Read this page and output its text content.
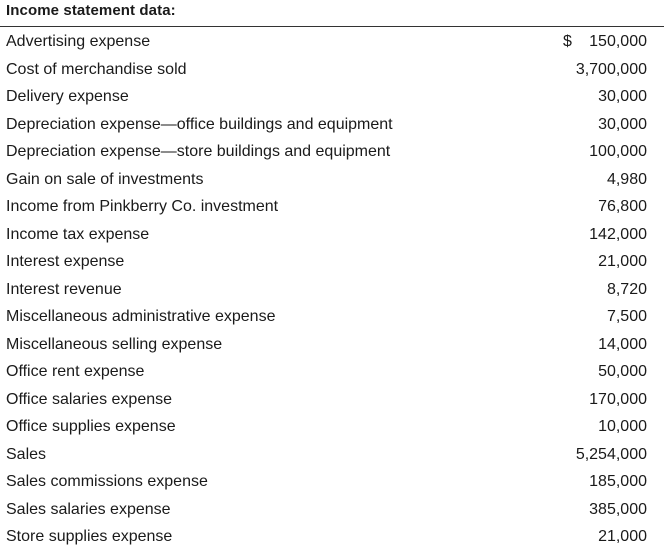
Income statement data:
Advertising expense	$ 150,000
Cost of merchandise sold	3,700,000
Delivery expense	30,000
Depreciation expense—office buildings and equipment	30,000
Depreciation expense—store buildings and equipment	100,000
Gain on sale of investments	4,980
Income from Pinkberry Co. investment	76,800
Income tax expense	142,000
Interest expense	21,000
Interest revenue	8,720
Miscellaneous administrative expense	7,500
Miscellaneous selling expense	14,000
Office rent expense	50,000
Office salaries expense	170,000
Office supplies expense	10,000
Sales	5,254,000
Sales commissions expense	185,000
Sales salaries expense	385,000
Store supplies expense	21,000
